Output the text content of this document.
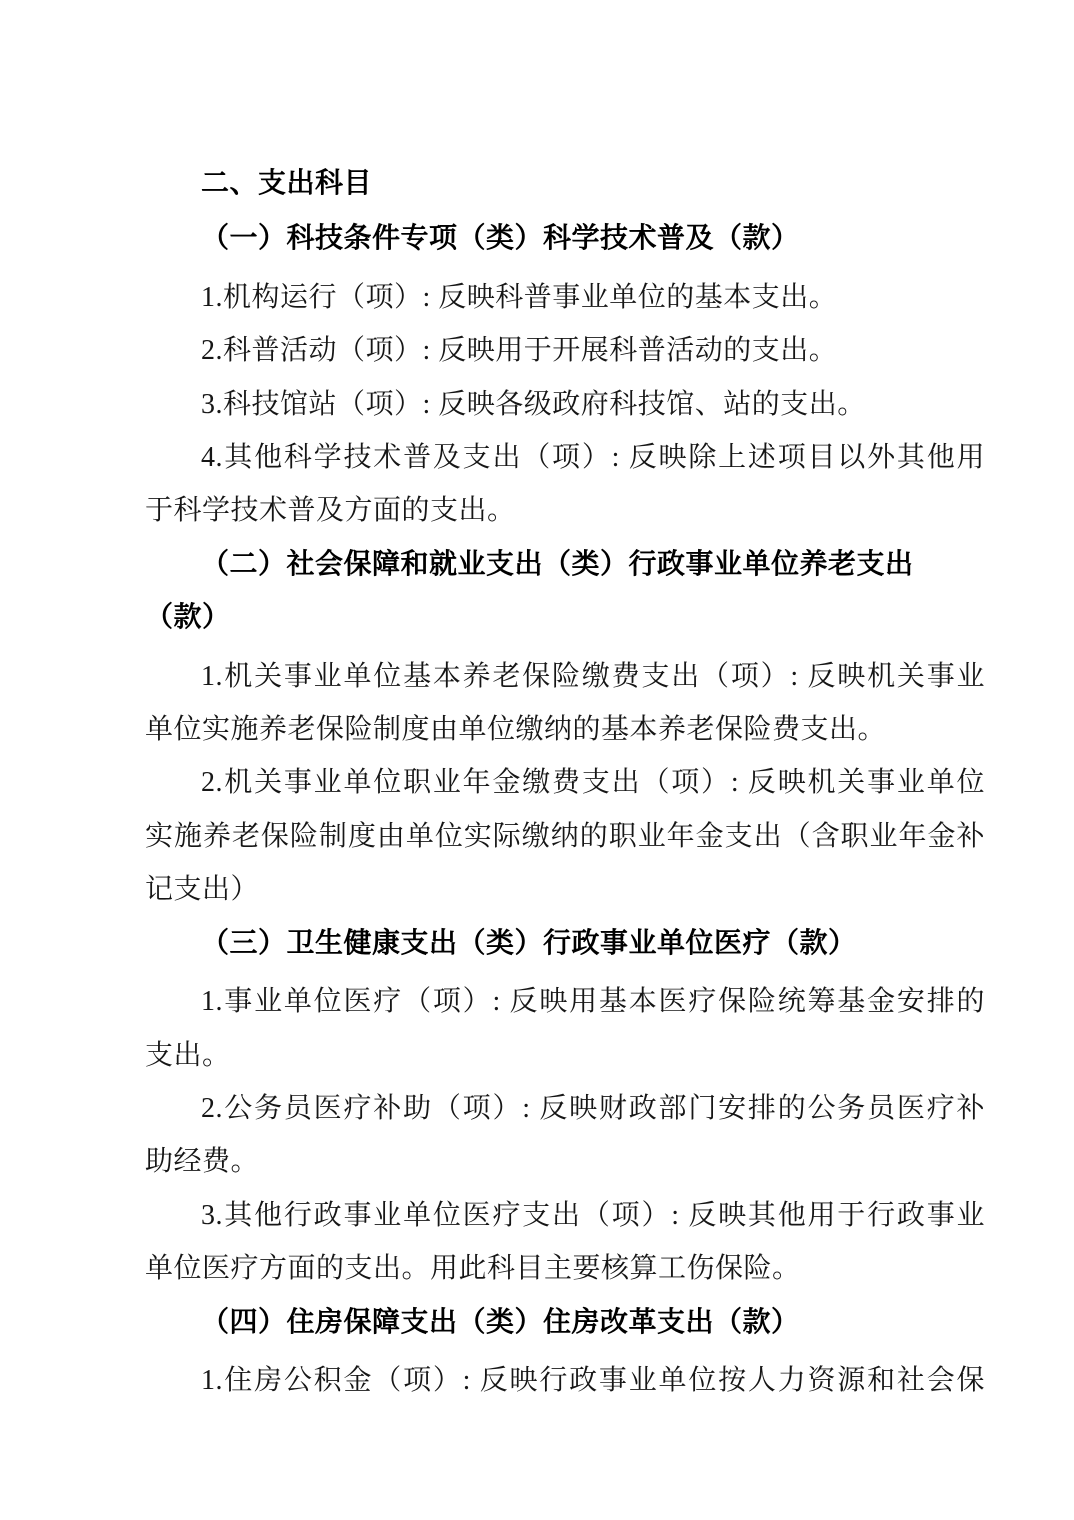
二、支出科目

（一）科技条件专项（类）科学技术普及（款）

1.机构运行（项）: 反映科普事业单位的基本支出。

2.科普活动（项）: 反映用于开展科普活动的支出。

3.科技馆站（项）: 反映各级政府科技馆、站的支出。

4.其他科学技术普及支出（项）: 反映除上述项目以外其他用

于科学技术普及方面的支出。

（二）社会保障和就业支出（类）行政事业单位养老支出（款）

1.机关事业单位基本养老保险缴费支出（项）: 反映机关事业

单位实施养老保险制度由单位缴纳的基本养老保险费支出。

2.机关事业单位职业年金缴费支出（项）: 反映机关事业单位

实施养老保险制度由单位实际缴纳的职业年金支出（含职业年金补

记支出）

（三）卫生健康支出（类）行政事业单位医疗（款）

1.事业单位医疗（项）: 反映用基本医疗保险统筹基金安排的

支出。

2.公务员医疗补助（项）: 反映财政部门安排的公务员医疗补

助经费。

3.其他行政事业单位医疗支出（项）: 反映其他用于行政事业

单位医疗方面的支出。用此科目主要核算工伤保险。

（四）住房保障支出（类）住房改革支出（款）

1.住房公积金（项）: 反映行政事业单位按人力资源和社会保
